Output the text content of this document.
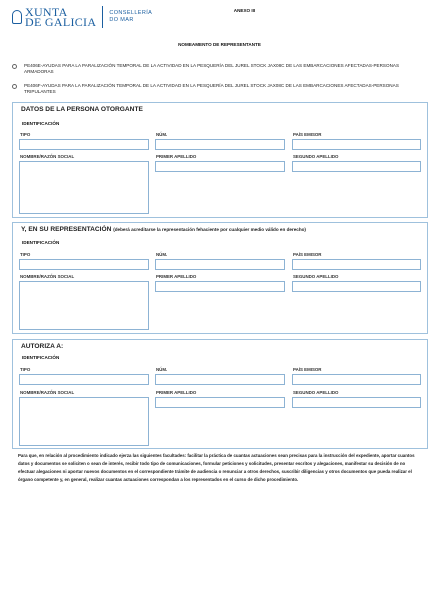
XUNTA
DE GALICIA
CONSELLERÍA
DO MAR
ANEXO III
NOMEAMENTO DE REPRESENTANTE
PE406E-AYUDAS PARA LA PARALIZACIÓN TEMPORAL DE LA ACTIVIDAD EN LA PESQUERÍA DEL JUREL STOCK JAX08C DE LAS EMBARCACIONES AFECTADAS-PERSONAS ARMADORAS
PE406F-AYUDAS PARA LA PARALIZACIÓN TEMPORAL DE LA ACTIVIDAD EN LA PESQUERÍA DEL JUREL STOCK JAX08C DE LAS EMBARCACIONES AFECTADAS-PERSONAS TRIPULANTES
DATOS DE LA PERSONA OTORGANTE
IDENTIFICACIÓN
TIPO	NÚM.	PAÍS EMISOR
NOMBRE/RAZÓN SOCIAL	PRIMER APELLIDO	SEGUNDO APELLIDO
Y, EN SU REPRESENTACIÓN (deberá acreditarse la representación fehaciente por cualquier medio válido en derecho)
IDENTIFICACIÓN
TIPO	NÚM.	PAÍS EMISOR
NOMBRE/RAZÓN SOCIAL	PRIMER APELLIDO	SEGUNDO APELLIDO
AUTORIZA A:
IDENTIFICACIÓN
TIPO	NÚM.	PAÍS EMISOR
NOMBRE/RAZÓN SOCIAL	PRIMER APELLIDO	SEGUNDO APELLIDO
Para que, en relación al procedimiento indicado ejerza las siguientes facultades: facilitar la práctica de cuantas actuaciones sean precisas para la instrucción del expediente, aportar cuantos datos y documentos se soliciten o sean de interés, recibir todo tipo de comunicaciones, formular peticiones y solicitudes, presentar escritos y alegaciones, manifestar su decisión de no efectuar alegaciones ni aportar nuevos documentos en el correspondiente trámite de audiencia o renunciar a otros derechos, suscribir diligencias y otros documentos que pueda realizar el órgano competente y, en general, realizar cuantas actuaciones correspondan a los representados en el curso de dicho procedimiento.
